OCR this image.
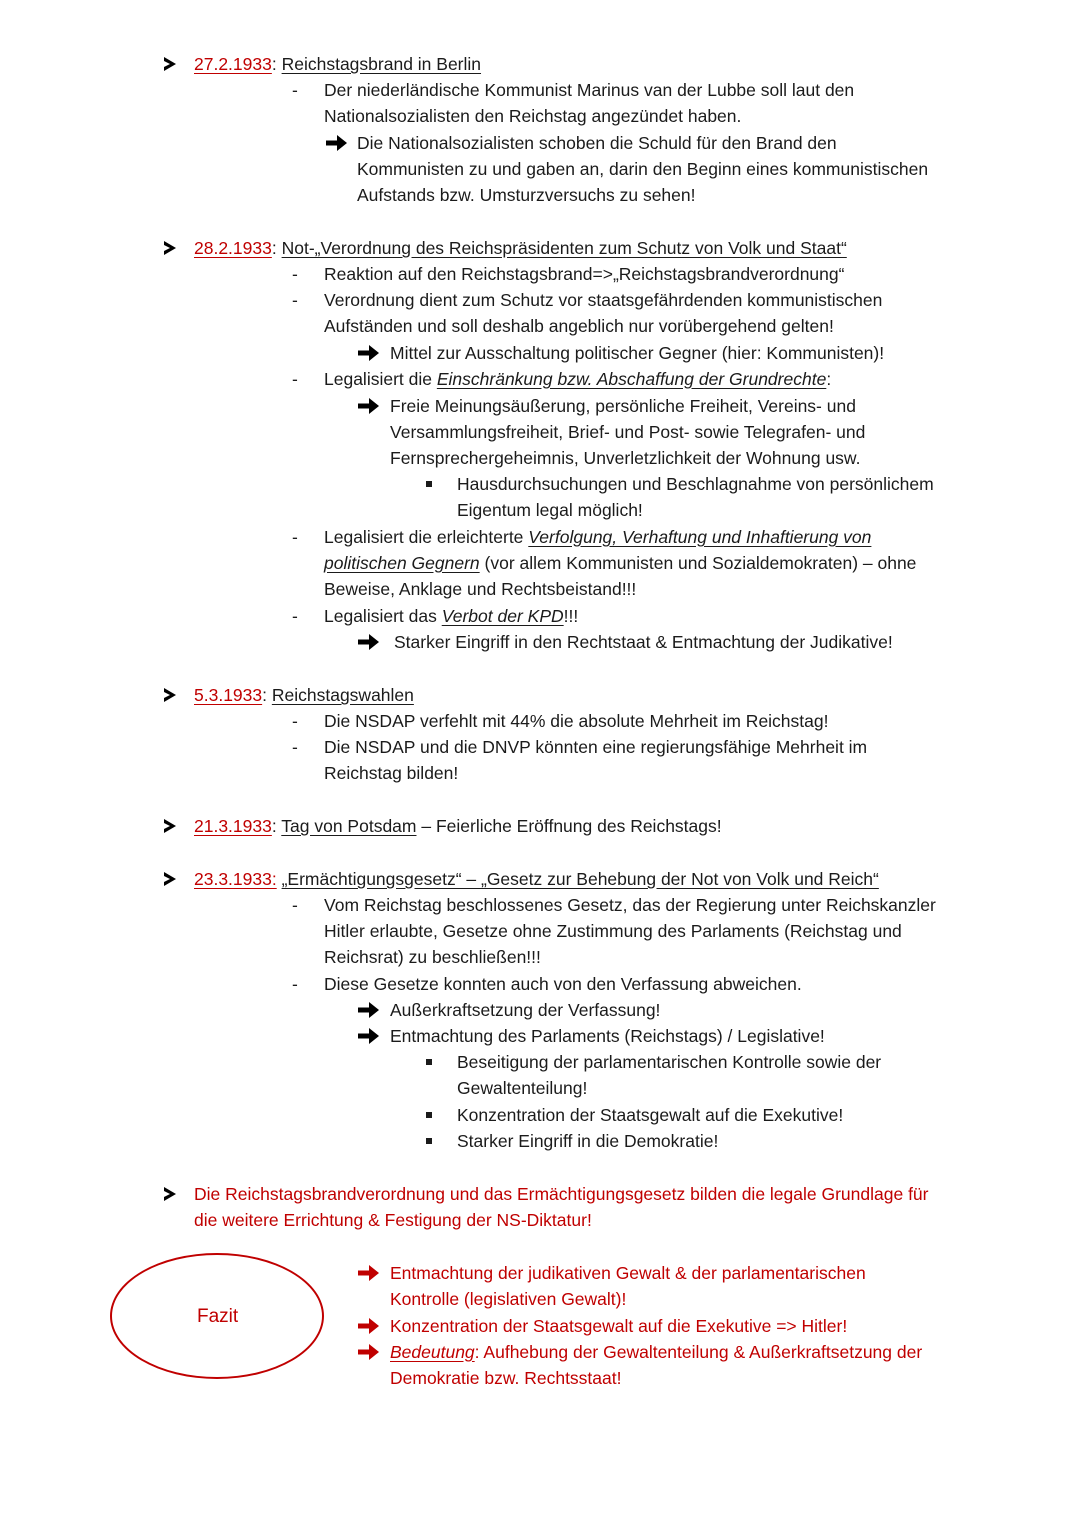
27.2.1933: Reichstagsbrand in Berlin
- Der niederländische Kommunist Marinus van der Lubbe soll laut den
Nationalsozialisten den Reichstag angezündet haben.
Die Nationalsozialisten schoben die Schuld für den Brand den
Kommunisten zu und gaben an, darin den Beginn eines kommunistischen
Aufstands bzw. Umsturzversuchs zu sehen!
28.2.1933: Not-„Verordnung des Reichspräsidenten zum Schutz von Volk und Staat“
- Reaktion auf den Reichstagsbrand=>„Reichstagsbrandverordnung“
- Verordnung dient zum Schutz vor staatsgefährdenden kommunistischen
Aufständen und soll deshalb angeblich nur vorübergehend gelten!
Mittel zur Ausschaltung politischer Gegner (hier: Kommunisten)!
- Legalisiert die Einschränkung bzw. Abschaffung der Grundrechte:
Freie Meinungsäußerung, persönliche Freiheit, Vereins- und
Versammlungsfreiheit, Brief- und Post- sowie Telegrafen- und
Fernsprechergeheimnis, Unverletzlichkeit der Wohnung usw.
Hausdurchsuchungen und Beschlagnahme von persönlichem
Eigentum legal möglich!
- Legalisiert die erleichterte Verfolgung, Verhaftung und Inhaftierung von
politischen Gegnern (vor allem Kommunisten und Sozialdemokraten) – ohne
Beweise, Anklage und Rechtsbeistand!!!
- Legalisiert das Verbot der KPD!!!
Starker Eingriff in den Rechtstaat & Entmachtung der Judikative!
5.3.1933: Reichstagswahlen
- Die NSDAP verfehlt mit 44% die absolute Mehrheit im Reichstag!
- Die NSDAP und die DNVP könnten eine regierungsfähige Mehrheit im
Reichstag bilden!
21.3.1933: Tag von Potsdam – Feierliche Eröffnung des Reichstags!
23.3.1933: „Ermächtigungsgesetz“ – „Gesetz zur Behebung der Not von Volk und Reich“
- Vom Reichstag beschlossenes Gesetz, das der Regierung unter Reichskanzler
Hitler erlaubte, Gesetze ohne Zustimmung des Parlaments (Reichstag und
Reichsrat) zu beschließen!!!
- Diese Gesetze konnten auch von den Verfassung abweichen.
Außerkraftsetzung der Verfassung!
Entmachtung des Parlaments (Reichstags) / Legislative!
Beseitigung der parlamentarischen Kontrolle sowie der
Gewaltenteilung!
Konzentration der Staatsgewalt auf die Exekutive!
Starker Eingriff in die Demokratie!
Die Reichstagsbrandverordnung und das Ermächtigungsgesetz bilden die legale Grundlage für
die weitere Errichtung & Festigung der NS-Diktatur!
Fazit
Entmachtung der judikativen Gewalt & der parlamentarischen
Kontrolle (legislativen Gewalt)!
Konzentration der Staatsgewalt auf die Exekutive => Hitler!
Bedeutung: Aufhebung der Gewaltenteilung & Außerkraftsetzung der
Demokratie bzw. Rechtsstaat!
